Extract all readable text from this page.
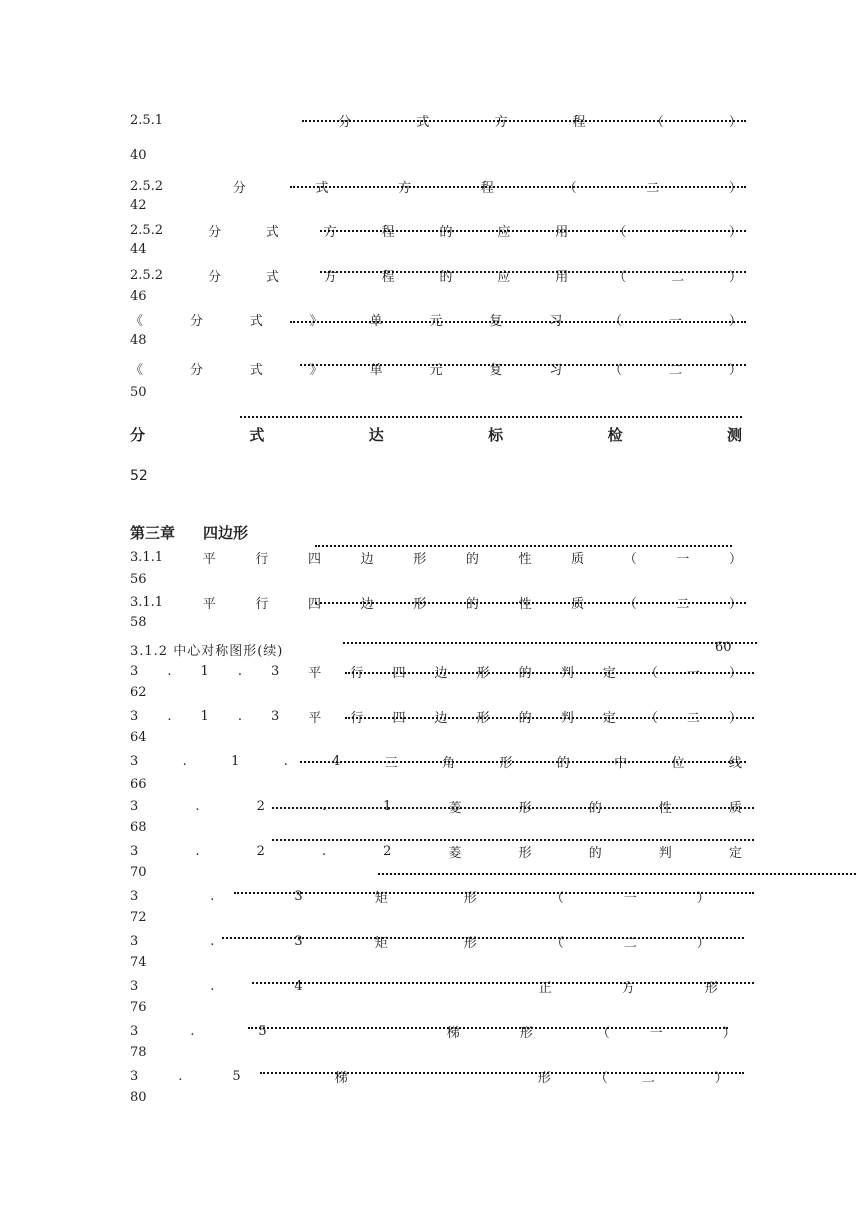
2.5.1	分	式	方	程	（	）
40
2.5.2	分	式	方	程	（	二	）
42
2.5.2	分	式	方	程	的	应	用	（	一	）
44
2.5.2	分	式	方	程	的	应	用	（	二	）
46
《	分	式	》	单	元	复	习	（	一	）
48
《	分	式	》	单	元	复	习	（	二	）
50
分	式	达	标	检	测
52
第三章 四边形
3.1.1	平	行	四	边	形	的	性	质	（	一	）
56
3.1.1	平	行	四	边	形	的	性	质	（	二	）
58
3.1.2 中心对称图形(续)	60
3 . 1 . 3 平 行 四 边 形 的 判 定 （ 一 ）
62
3 . 1 . 3 平 行 四 边 形 的 判 定 （ 二 ）
64
3	.	1	.	4	三	角	形	的	中	位	线
66
3	.	2	.	1	菱	形	的	性	质
68
3	.	2	.	2	菱	形	的	判	定
70
3	.	3	矩	形	（	一	）
72
3	.	3	矩	形	（	二	）
74
3	.	4	正	方	形
76
3	.	5	梯	形	（	一	）
78
3	.	5	梯	形	（	二	）
80
